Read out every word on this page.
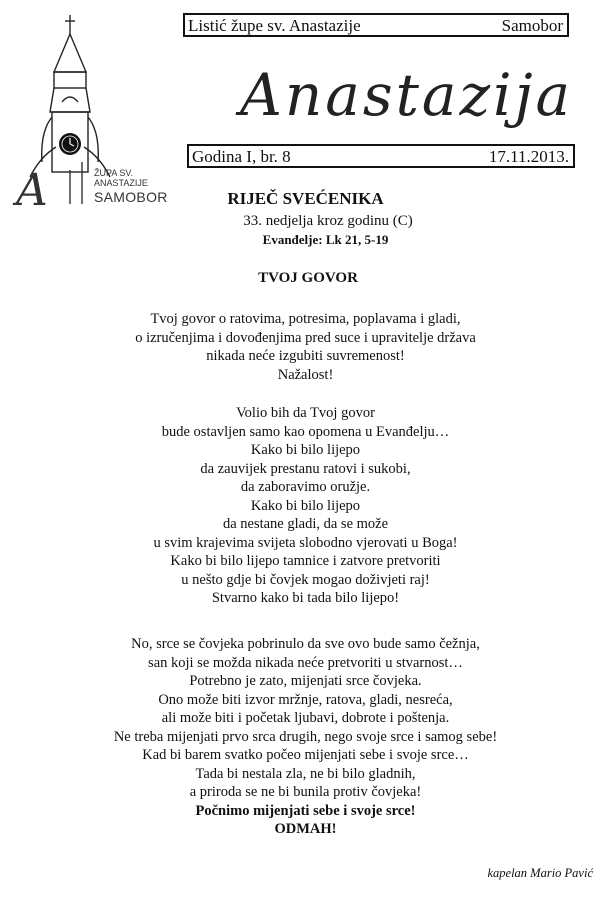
A	ŽUPA SV.
ANASTAZIJE
SAMOBOR
Listić župe sv. Anastazije	Samobor
Anastazija
Godina I, br. 8	17.11.2013.
RIJEČ SVEĆENIKA
33. nedjelja kroz godinu (C)
Evanđelje: Lk 21, 5-19
TVOJ GOVOR
Tvoj govor o ratovima, potresima, poplavama i gladi,
o izručenjima i dovođenjima pred suce i upravitelje država
nikada neće izgubiti suvremenost!
Nažalost!
Volio bih da Tvoj govor
bude ostavljen samo kao opomena u Evanđelju…
Kako bi bilo lijepo
da zauvijek prestanu ratovi i sukobi,
da zaboravimo oružje.
Kako bi bilo lijepo
da nestane gladi, da se može
u svim krajevima svijeta slobodno vjerovati u Boga!
Kako bi bilo lijepo tamnice i zatvore pretvoriti
u nešto gdje bi čovjek mogao doživjeti raj!
Stvarno kako bi tada bilo lijepo!
No, srce se čovjeka pobrinulo da sve ovo bude samo čežnja,
san koji se možda nikada neće pretvoriti u stvarnost…
Potrebno je zato, mijenjati srce čovjeka.
Ono može biti izvor mržnje, ratova, gladi, nesreća,
ali može biti i početak ljubavi, dobrote i poštenja.
Ne treba mijenjati prvo srca drugih, nego svoje srce i samog sebe!
Kad bi barem svatko počeo mijenjati sebe i svoje srce…
Tada bi nestala zla, ne bi bilo gladnih,
a priroda se ne bi bunila protiv čovjeka!
Počnimo mijenjati sebe i svoje srce!
ODMAH!
kapelan Mario Pavić
